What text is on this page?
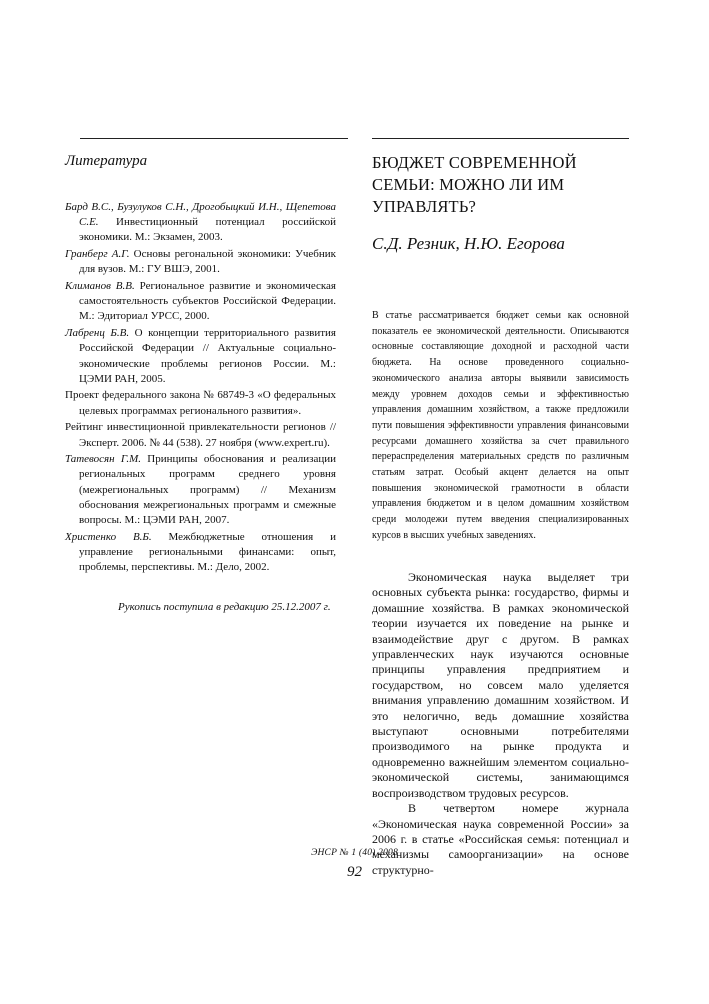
Литература

Бард В.С., Бузулуков С.Н., Дрогобыцкий И.Н., Щепетова С.Е. Инвестиционный потенциал российской экономики. М.: Экзамен, 2003.

Гранберг А.Г. Основы регональной экономики: Учебник для вузов. М.: ГУ ВШЭ, 2001.

Климанов В.В. Региональное развитие и экономическая самостоятельность субъектов Российской Федерации. М.: Эдиториал УРСС, 2000.

Лабренц Б.В. О концепции территориального развития Российской Федерации // Актуальные социально-экономические проблемы регионов России. М.: ЦЭМИ РАН, 2005.

Проект федерального закона № 68749-3 «О федеральных целевых программах регионального развития».

Рейтинг инвестиционной привлекательности регионов // Эксперт. 2006. № 44 (538). 27 ноября (www.expert.ru).

Татевосян Г.М. Принципы обоснования и реализации региональных программ среднего уровня (межрегиональных программ) // Механизм обоснования межрегиональных программ и смежные вопросы. М.: ЦЭМИ РАН, 2007.

Христенко В.Б. Межбюджетные отношения и управление региональными финансами: опыт, проблемы, перспективы. М.: Дело, 2002.

Рукопись поступила в редакцию 25.12.2007 г.
БЮДЖЕТ СОВРЕМЕННОЙ СЕМЬИ: МОЖНО ЛИ ИМ УПРАВЛЯТЬ?
С.Д. Резник, Н.Ю. Егорова
В статье рассматривается бюджет семьи как основной показатель ее экономической деятельности. Описываются основные составляющие доходной и расходной части бюджета. На основе проведенного социально-экономического анализа авторы выявили зависимость между уровнем доходов семьи и эффективностью управления домашним хозяйством, а также предложили пути повышения эффективности управления финансовыми ресурсами домашнего хозяйства за счет правильного перераспределения материальных средств по различным статьям затрат. Особый акцент делается на опыт повышения экономической грамотности в области управления бюджетом и в целом домашним хозяйством среди молодежи путем введения специализированных курсов в высших учебных заведениях.

Экономическая наука выделяет три основных субъекта рынка: государство, фирмы и домашние хозяйства. В рамках экономической теории изучается их поведение на рынке и взаимодействие друг с другом. В рамках управленческих наук изучаются основные принципы управления предприятием и государством, но совсем мало уделяется внимания управлению домашним хозяйством. И это нелогично, ведь домашние хозяйства выступают основными потребителями производимого на рынке продукта и одновременно важнейшим элементом социально-экономической системы, занимающимся воспроизводством трудовых ресурсов.

В четвертом номере журнала «Экономическая наука современной России» за 2006 г. в статье «Российская семья: потенциал и механизмы самоорганизации» на основе структурно-

ЭНСР № 1 (40) 2008
92
